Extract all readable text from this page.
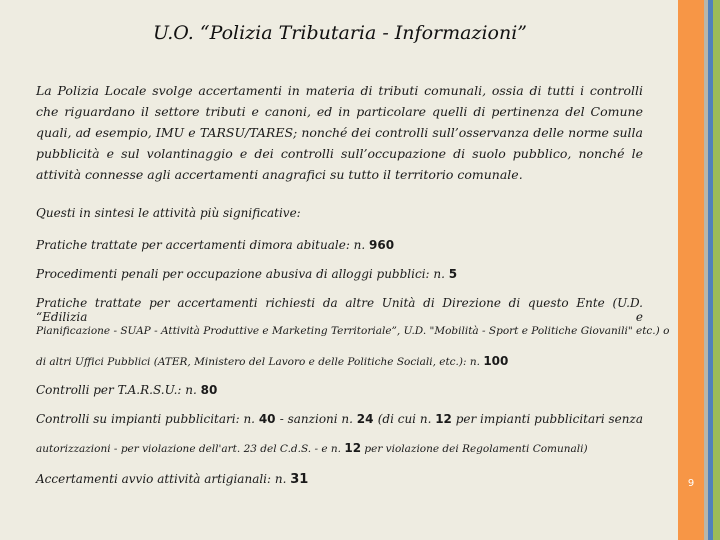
U.O. “Polizia Tributaria - Informazioni”
La Polizia Locale svolge accertamenti in materia di tributi comunali, ossia di tutti i controlli che riguardano il settore tributi e canoni, ed in particolare quelli di pertinenza del Comune quali, ad esempio, IMU e TARSU/TARES; nonché dei controlli sull’osservanza delle norme sulla pubblicità e sul volantinaggio e dei controlli sull’occupazione di suolo pubblico, nonché le attività connesse agli accertamenti anagrafici su tutto il territorio comunale.
Questi in sintesi le attività più significative:
Pratiche trattate per accertamenti dimora abituale: n. 960
Procedimenti penali per occupazione abusiva di alloggi pubblici: n. 5
Pratiche trattate per accertamenti richiesti da altre Unità di Direzione di questo Ente (U.D. “Edilizia e
Pianificazione - SUAP - Attività Produttive e Marketing Territoriale”, U.D. "Mobilità - Sport e Politiche Giovanili" etc.) o
di altri Uffici Pubblici (ATER, Ministero del Lavoro e delle Politiche Sociali, etc.): n. 100
Controlli per T.A.R.S.U.: n. 80
Controlli su impianti pubblicitari: n. 40 - sanzioni n. 24 (di cui n. 12 per impianti pubblicitari senza
autorizzazioni - per violazione dell'art. 23 del C.d.S. - e n. 12 per violazione dei Regolamenti Comunali)
Accertamenti avvio attività artigianali: n. 31	9
